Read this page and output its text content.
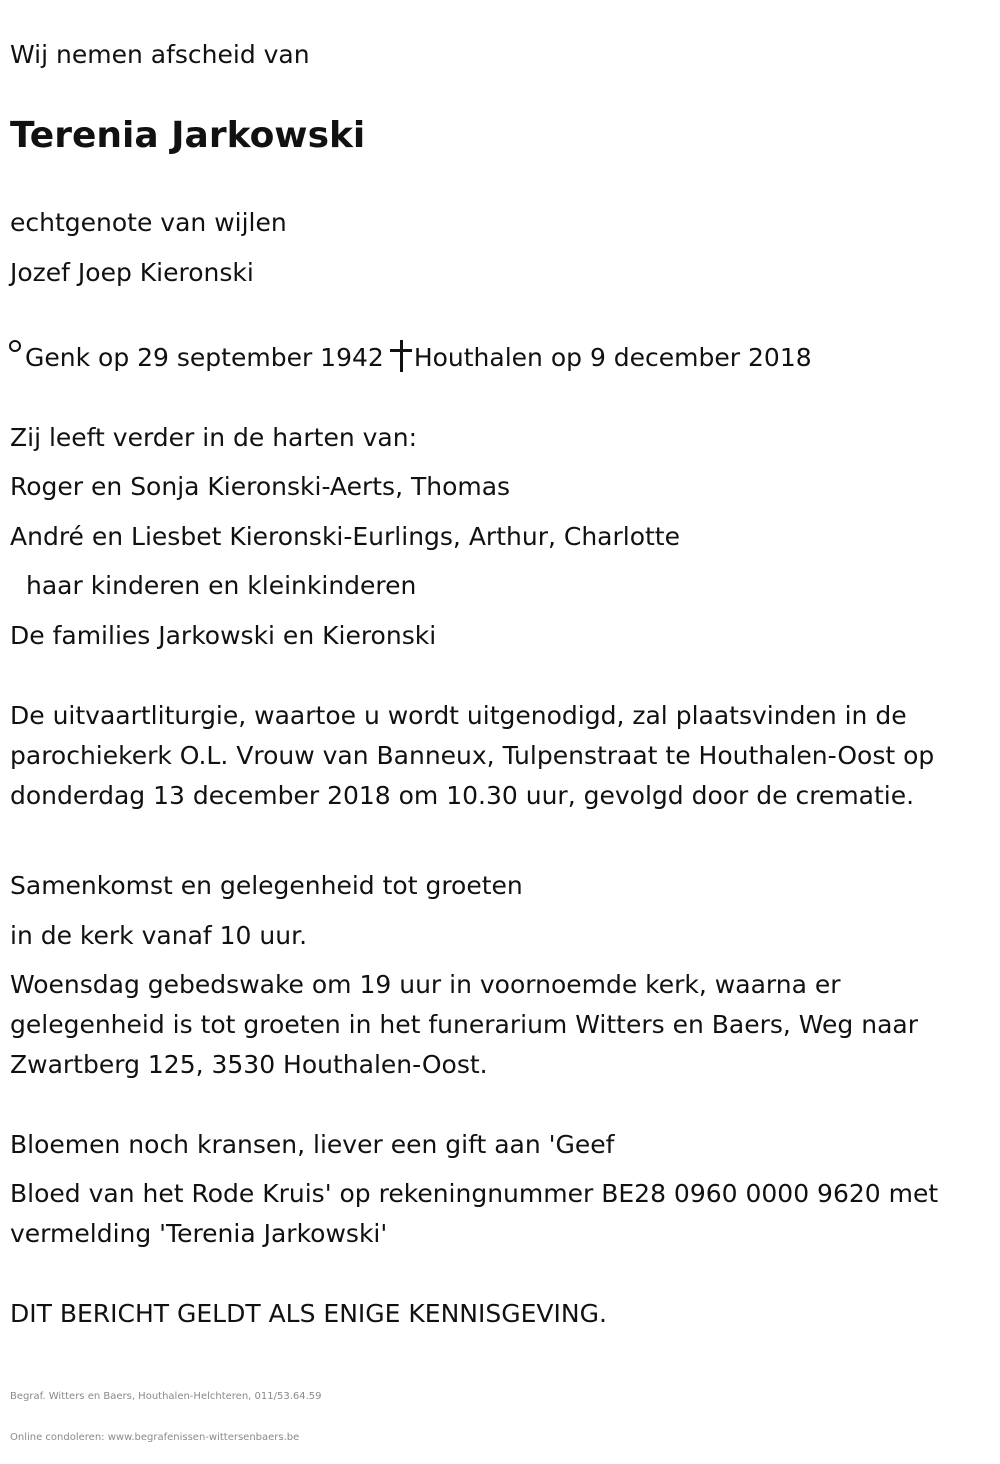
Wij nemen afscheid van
Terenia Jarkowski
echtgenote van wijlen
Jozef Joep Kieronski
Genk op 29 september 1942 Houthalen op 9 december 2018
Zij leeft verder in de harten van:
Roger en Sonja Kieronski-Aerts, Thomas
André en Liesbet Kieronski-Eurlings, Arthur, Charlotte
haar kinderen en kleinkinderen
De families Jarkowski en Kieronski
De uitvaartliturgie, waartoe u wordt uitgenodigd, zal plaatsvinden in de parochiekerk O.L. Vrouw van Banneux, Tulpenstraat te Houthalen-Oost op donderdag 13 december 2018 om 10.30 uur, gevolgd door de crematie.
Samenkomst en gelegenheid tot groeten
in de kerk vanaf 10 uur.
Woensdag gebedswake om 19 uur in voornoemde kerk, waarna er gelegenheid is tot groeten in het funerarium Witters en Baers, Weg naar Zwartberg 125, 3530 Houthalen-Oost.
Bloemen noch kransen, liever een gift aan 'Geef
Bloed van het Rode Kruis' op rekeningnummer BE28 0960 0000 9620 met vermelding 'Terenia Jarkowski'
DIT BERICHT GELDT ALS ENIGE KENNISGEVING.
Begraf. Witters en Baers, Houthalen-Helchteren, 011/53.64.59
Online condoleren: www.begrafenissen-wittersenbaers.be
